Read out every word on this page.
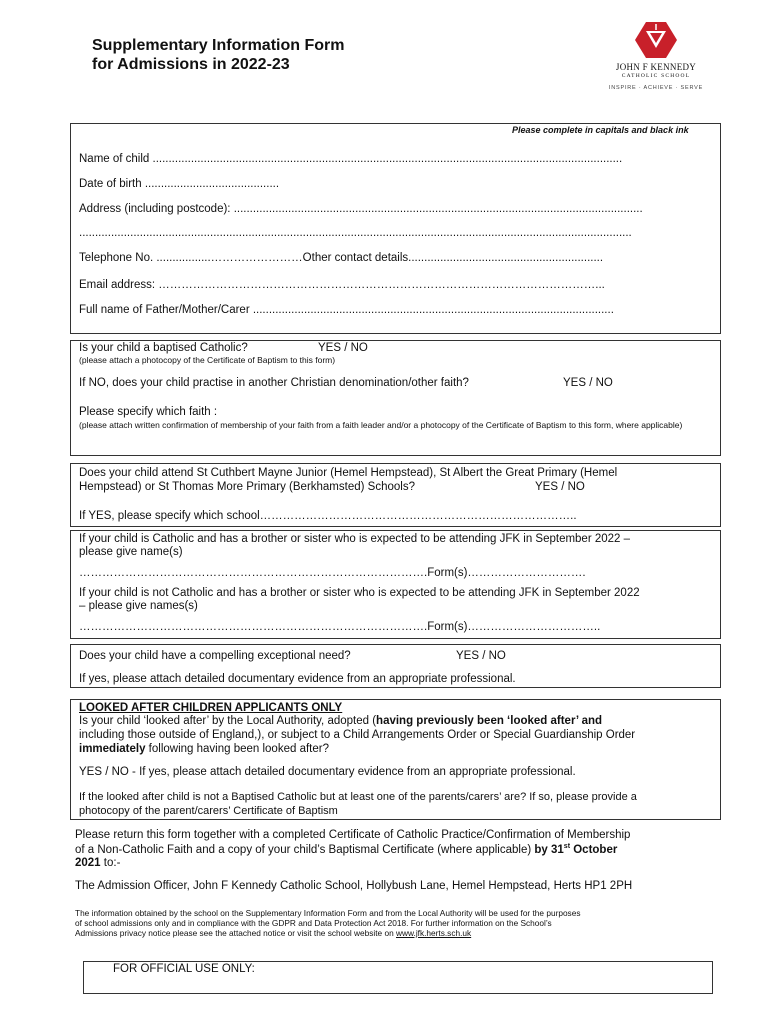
Supplementary Information Form
for Admissions in 2022-23	JOHN F KENNEDY
CATHOLIC SCHOOL
INSPIRE · ACHIEVE · SERVE
Please complete in capitals and black ink
Name of child ...................................................................................................................................................
Date of birth ..........................................
Address (including postcode): ................................................................................................................................
.............................................................................................................................................................................
Telephone No. .................……………………Other contact details.............................................................
Email address: ……………………………………………………………………………………………………...
Full name of Father/Mother/Carer .................................................................................................................
Is your child a baptised Catholic?	YES / NO
(please attach a photocopy of the Certificate of Baptism to this form)
If NO, does your child practise in another Christian denomination/other faith?	YES / NO
Please specify which faith :
(please attach written confirmation of membership of your faith from a faith leader and/or a photocopy of the Certificate of Baptism to this form, where applicable)
Does your child attend St Cuthbert Mayne Junior (Hemel Hempstead), St Albert the Great Primary (Hemel
Hempstead) or St Thomas More Primary (Berkhamsted) Schools?	YES / NO
If YES, please specify which school………………………………………………………………………..
If your child is Catholic and has a brother or sister who is expected to be attending JFK in September 2022 –
please give name(s)
……………………………………………………………………………….Form(s)………………………….
If your child is not Catholic and has a brother or sister who is expected to be attending JFK in September 2022
– please give names(s)
……………………………………………………………………………….Form(s)……………………………..
Does your child have a compelling exceptional need?	YES / NO
If yes, please attach detailed documentary evidence from an appropriate professional.
LOOKED AFTER CHILDREN APPLICANTS ONLY
Is your child ‘looked after’ by the Local Authority, adopted (having previously been ‘looked after’ and
including those outside of England,), or subject to a Child Arrangements Order or Special Guardianship Order
immediately following having been looked after?
YES / NO - If yes, please attach detailed documentary evidence from an appropriate professional.
If the looked after child is not a Baptised Catholic but at least one of the parents/carers’ are? If so, please provide a
photocopy of the parent/carers’ Certificate of Baptism
Please return this form together with a completed Certificate of Catholic Practice/Confirmation of Membership
of a Non-Catholic Faith and a copy of your child’s Baptismal Certificate (where applicable) by 31st October
2021 to:-
The Admission Officer, John F Kennedy Catholic School, Hollybush Lane, Hemel Hempstead, Herts HP1 2PH
The information obtained by the school on the Supplementary Information Form and from the Local Authority will be used for the purposes
of school admissions only and in compliance with the GDPR and Data Protection Act 2018. For further information on the School’s
Admissions privacy notice please see the attached notice or visit the school website on www.jfk.herts.sch.uk
FOR OFFICIAL USE ONLY:
